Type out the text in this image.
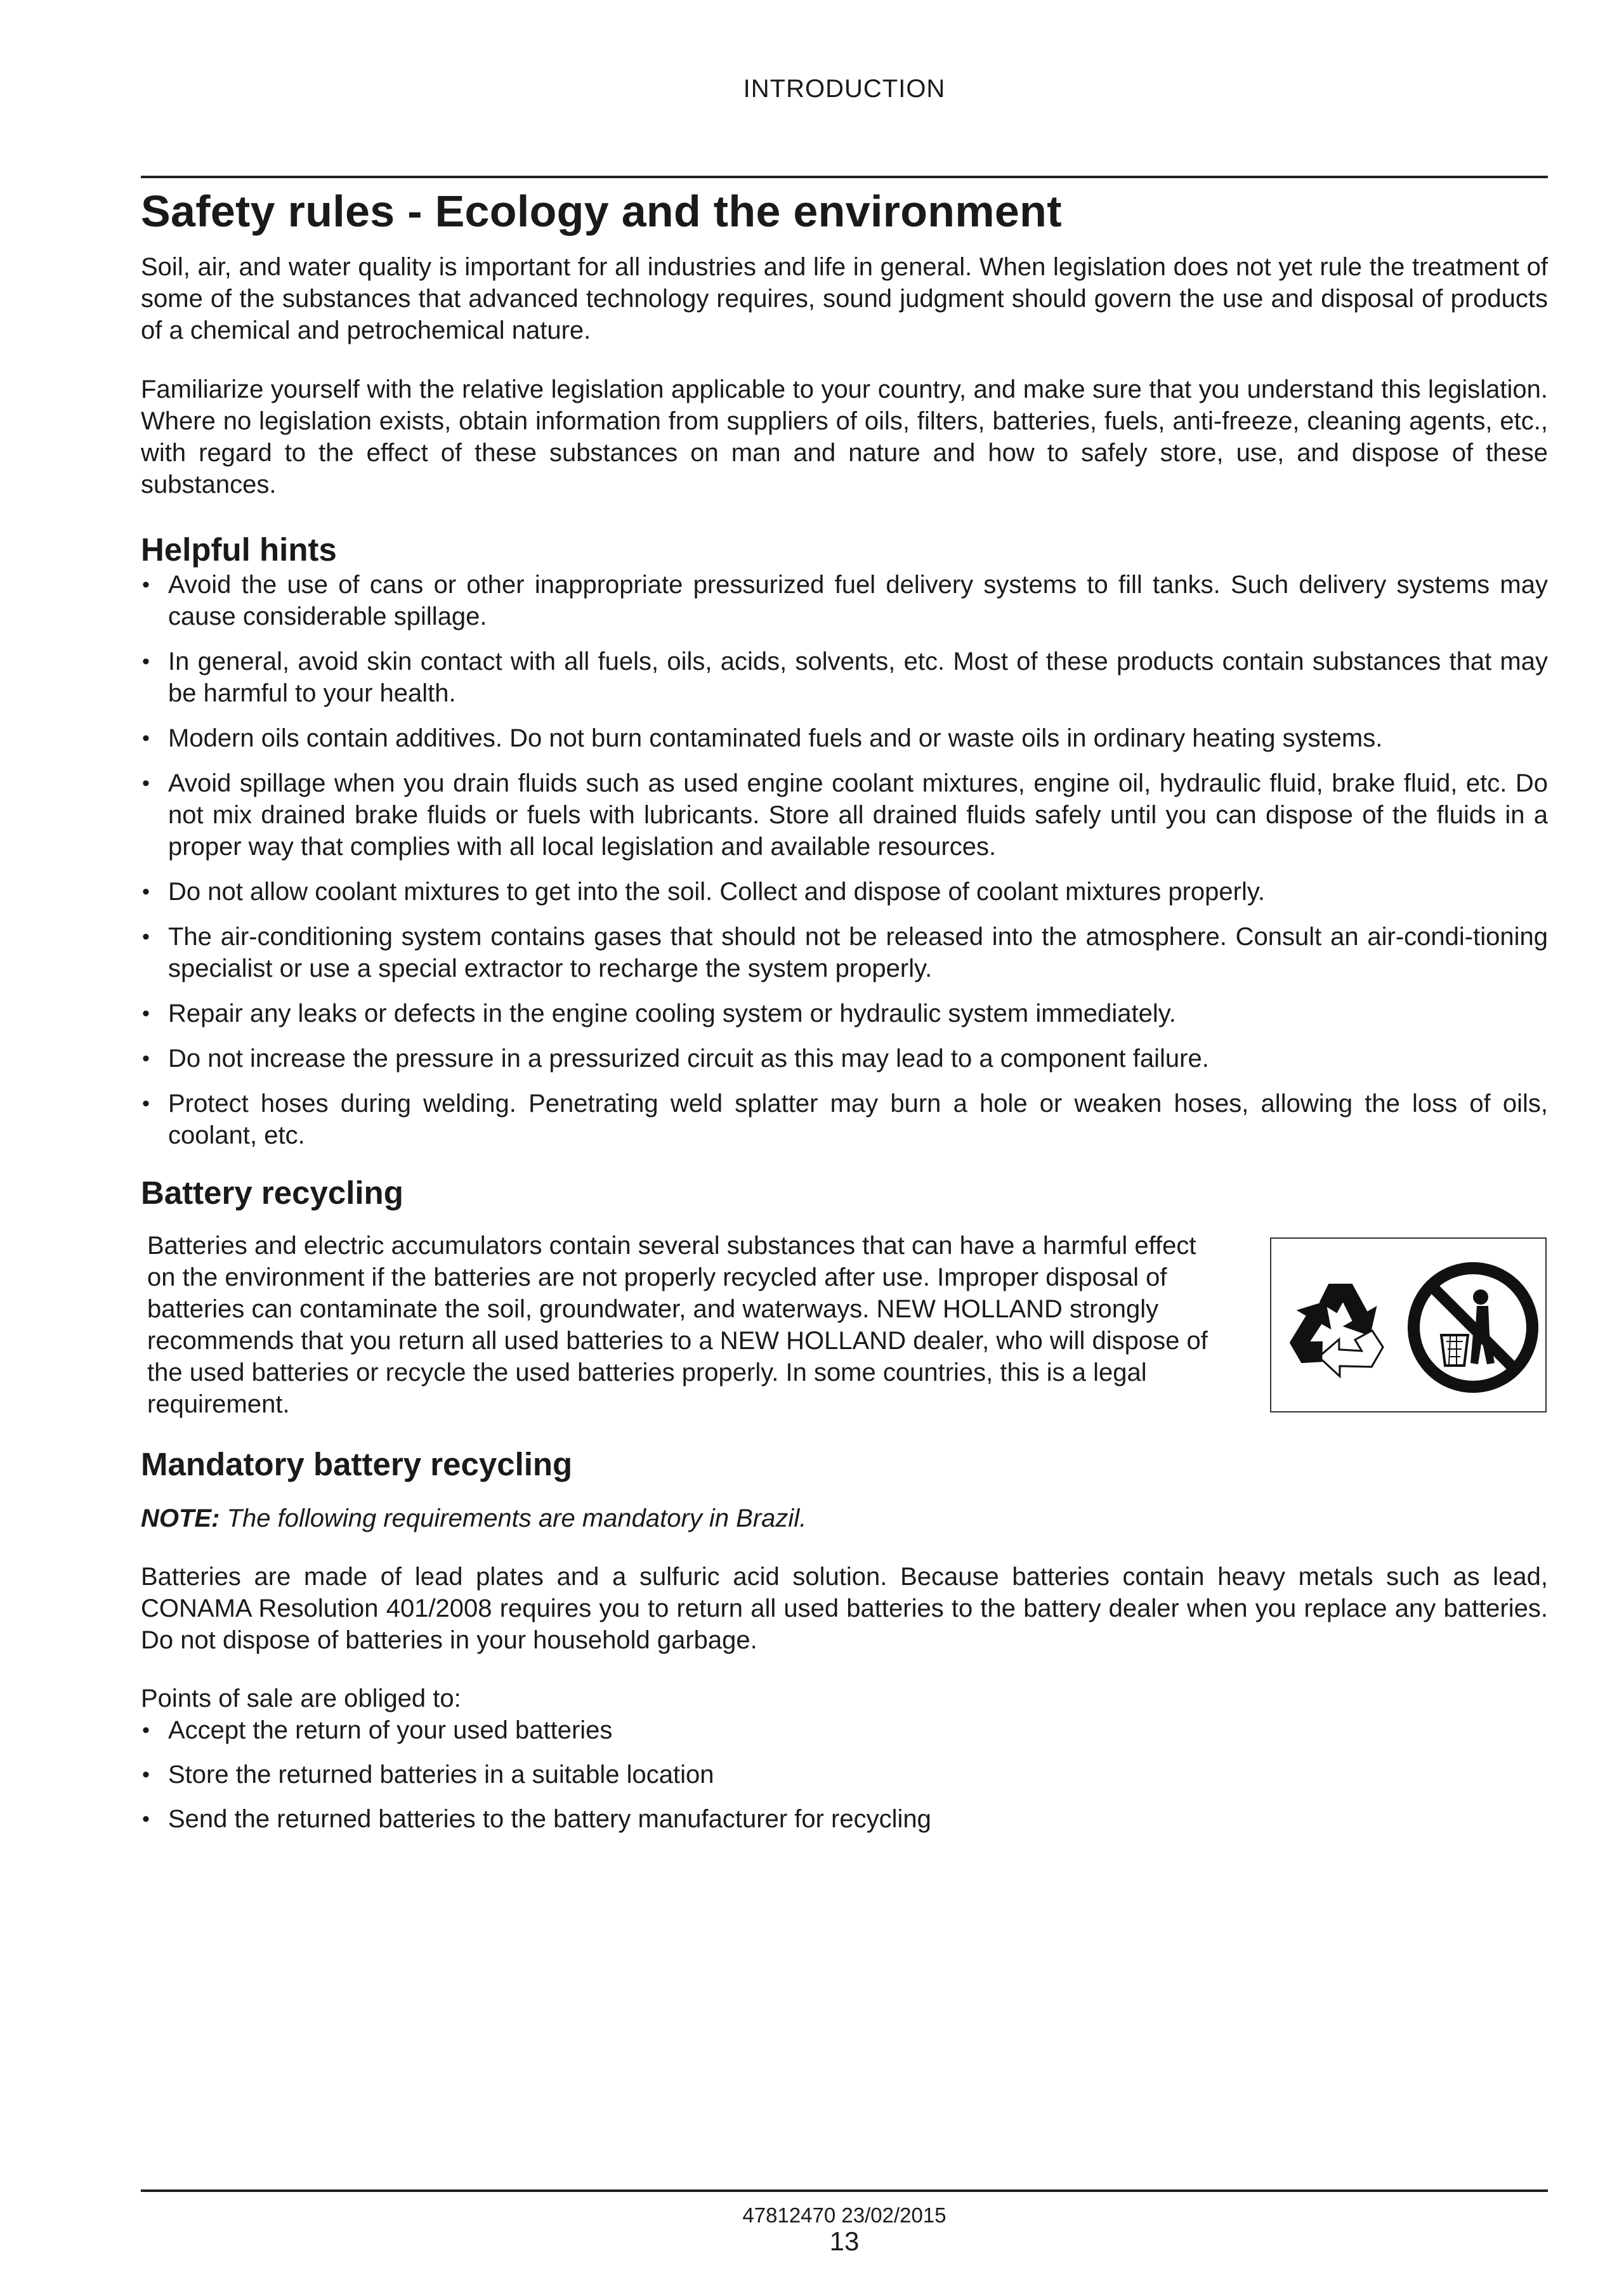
INTRODUCTION
Safety rules - Ecology and the environment

Soil, air, and water quality is important for all industries and life in general. When legislation does not yet rule the treatment of some of the substances that advanced technology requires, sound judgment should govern the use and disposal of products of a chemical and petrochemical nature.

Familiarize yourself with the relative legislation applicable to your country, and make sure that you understand this legislation. Where no legislation exists, obtain information from suppliers of oils, filters, batteries, fuels, anti-freeze, cleaning agents, etc., with regard to the effect of these substances on man and nature and how to safely store, use, and dispose of these substances.

Helpful hints
• Avoid the use of cans or other inappropriate pressurized fuel delivery systems to fill tanks. Such delivery systems may cause considerable spillage.
• In general, avoid skin contact with all fuels, oils, acids, solvents, etc. Most of these products contain substances that may be harmful to your health.
• Modern oils contain additives. Do not burn contaminated fuels and or waste oils in ordinary heating systems.
• Avoid spillage when you drain fluids such as used engine coolant mixtures, engine oil, hydraulic fluid, brake fluid, etc. Do not mix drained brake fluids or fuels with lubricants. Store all drained fluids safely until you can dispose of the fluids in a proper way that complies with all local legislation and available resources.
• Do not allow coolant mixtures to get into the soil. Collect and dispose of coolant mixtures properly.
• The air-conditioning system contains gases that should not be released into the atmosphere. Consult an air-condi-tioning specialist or use a special extractor to recharge the system properly.
• Repair any leaks or defects in the engine cooling system or hydraulic system immediately.
• Do not increase the pressure in a pressurized circuit as this may lead to a component failure.
• Protect hoses during welding. Penetrating weld splatter may burn a hole or weaken hoses, allowing the loss of oils, coolant, etc.
Battery recycling

Batteries and electric accumulators contain several substances that can have a harmful effect on the environment if the batteries are not properly recycled after use. Improper disposal of batteries can contaminate the soil, groundwater, and waterways. NEW HOLLAND strongly recommends that you return all used batteries to a NEW HOLLAND dealer, who will dispose of the used batteries or recycle the used batteries properly. In some countries, this is a legal requirement.

Mandatory battery recycling

NOTE: The following requirements are mandatory in Brazil.

Batteries are made of lead plates and a sulfuric acid solution. Because batteries contain heavy metals such as lead, CONAMA Resolution 401/2008 requires you to return all used batteries to the battery dealer when you replace any batteries. Do not dispose of batteries in your household garbage.

Points of sale are obliged to:

• Accept the return of your used batteries
• Store the returned batteries in a suitable location
• Send the returned batteries to the battery manufacturer for recycling
47812470 23/02/2015
13
